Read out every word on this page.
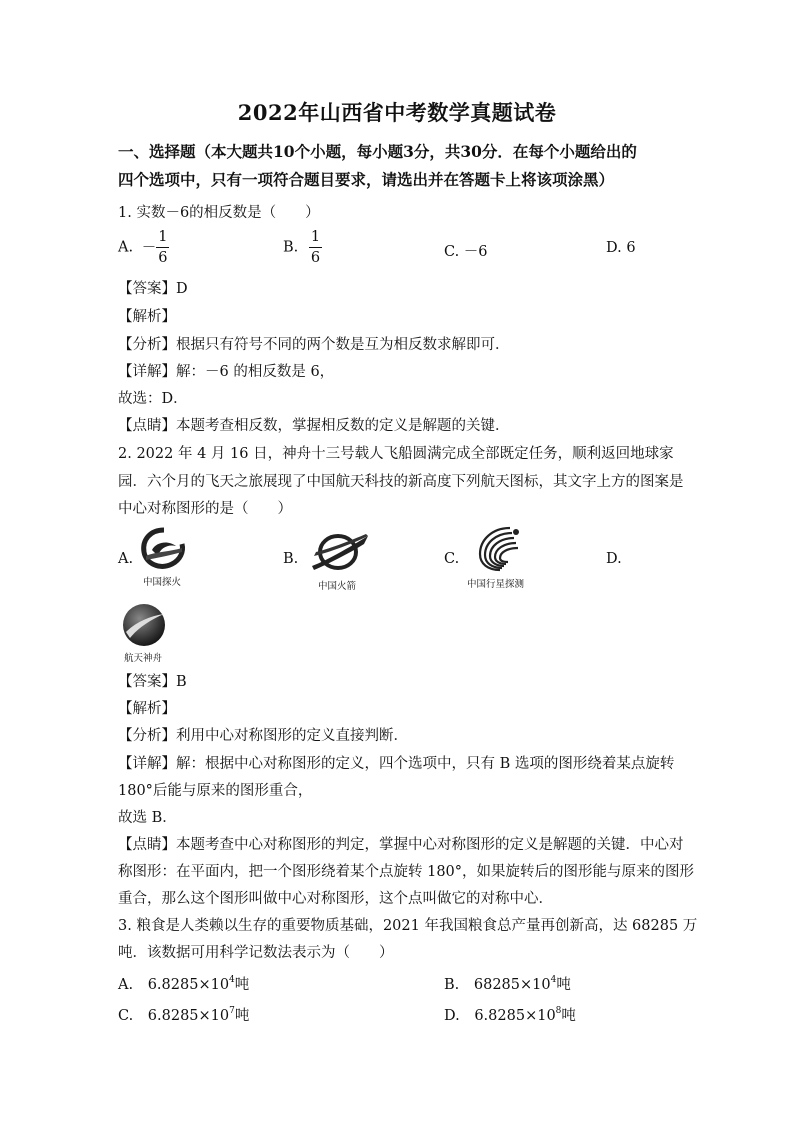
2022年山西省中考数学真题试卷
一、选择题（本大题共10个小题，每小题3分，共30分．在每个小题给出的
四个选项中，只有一项符合题目要求，请选出并在答题卡上将该项涂黑）
1. 实数－6的相反数是（　　）
A. － $\frac{1}{6}$	B. $\frac{1}{6}$	C. －6	D. 6
【答案】D
【解析】
【分析】根据只有符号不同的两个数是互为相反数求解即可．
【详解】解：－6 的相反数是 6，
故选：D．
【点睛】本题考查相反数，掌握相反数的定义是解题的关键．
2. 2022 年 4 月 16 日，神舟十三号载人飞船圆满完成全部既定任务，顺利返回地球家
园．六个月的飞天之旅展现了中国航天科技的新高度下列航天图标，其文字上方的图案是
中心对称图形的是（　　）
A.
中国探火
B.
中国火箭
C.
中国行星探测
D.
航天神舟
【答案】B
【解析】
【分析】利用中心对称图形的定义直接判断．
【详解】解：根据中心对称图形的定义，四个选项中，只有 B 选项的图形绕着某点旋转
180°后能与原来的图形重合，
故选 B．
【点睛】本题考查中心对称图形的判定，掌握中心对称图形的定义是解题的关键．中心对
称图形：在平面内，把一个图形绕着某个点旋转 180°，如果旋转后的图形能与原来的图形
重合，那么这个图形叫做中心对称图形，这个点叫做它的对称中心．
3. 粮食是人类赖以生存的重要物质基础，2021 年我国粮食总产量再创新高，达 68285 万
吨．该数据可用科学记数法表示为（　　）
A. $6.8285\times 10^4$吨	B. $68285\times 10^4$吨
C. $6.8285\times 10^7$吨	D. $6.8285\times 10^8$吨
